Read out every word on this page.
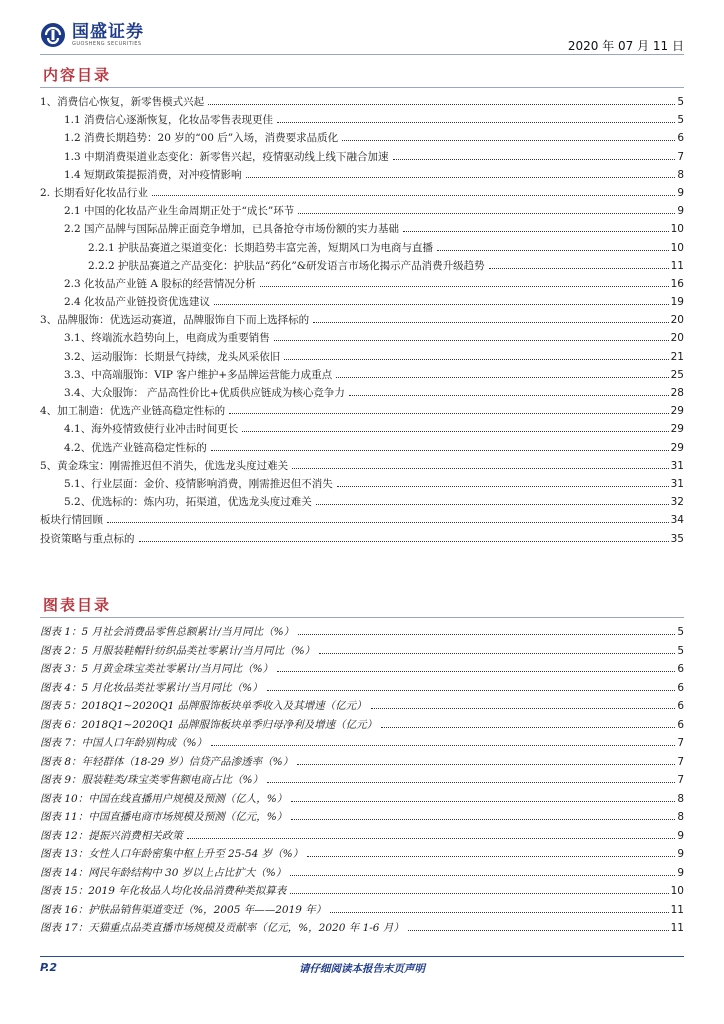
国盛证券
GUOSHENG SECURITIES	2020 年 07 月 11 日
内容目录
1、消费信心恢复，新零售模式兴起	5
1.1 消费信心逐渐恢复，化妆品零售表现更佳	5
1.2 消费长期趋势：20 岁的“00 后”入场，消费要求品质化	6
1.3 中期消费渠道业态变化：新零售兴起，疫情驱动线上线下融合加速	7
1.4 短期政策提振消费，对冲疫情影响	8
2. 长期看好化妆品行业	9
2.1 中国的化妆品产业生命周期正处于“成长”环节	9
2.2 国产品牌与国际品牌正面竞争增加，已具备抢夺市场份额的实力基础	10
2.2.1 护肤品赛道之渠道变化：长期趋势丰富完善，短期风口为电商与直播	10
2.2.2 护肤品赛道之产品变化：护肤品“药化”&研发语言市场化揭示产品消费升级趋势	11
2.3 化妆品产业链 A 股标的经营情况分析	16
2.4 化妆品产业链投资优选建议	19
3、品牌服饰：优选运动赛道，品牌服饰自下而上选择标的	20
3.1、终端流水趋势向上，电商成为重要销售	20
3.2、运动服饰：长期景气持续，龙头风采依旧	21
3.3、中高端服饰：VIP 客户维护+多品牌运营能力成重点	25
3.4、大众服饰： 产品高性价比+优质供应链成为核心竞争力	28
4、加工制造：优选产业链高稳定性标的	29
4.1、海外疫情致使行业冲击时间更长	29
4.2、优选产业链高稳定性标的	29
5、黄金珠宝：刚需推迟但不消失，优选龙头度过难关	31
5.1、行业层面：金价、疫情影响消费，刚需推迟但不消失	31
5.2、优选标的：炼内功，拓渠道，优选龙头度过难关	32
板块行情回顾	34
投资策略与重点标的	35
图表目录
图表 1：5 月社会消费品零售总额累计/当月同比（%）	5
图表 2：5 月服装鞋帽针纺织品类社零累计/当月同比（%）	5
图表 3：5 月黄金珠宝类社零累计/当月同比（%）	6
图表 4：5 月化妆品类社零累计/当月同比（%）	6
图表 5：2018Q1~2020Q1 品牌服饰板块单季收入及其增速（亿元）	6
图表 6：2018Q1~2020Q1 品牌服饰板块单季归母净利及增速（亿元）	6
图表 7：中国人口年龄别构成（%）	7
图表 8：年轻群体（18-29 岁）信贷产品渗透率（%）	7
图表 9：服装鞋类/珠宝类零售额电商占比（%）	7
图表 10：中国在线直播用户规模及预测（亿人，%）	8
图表 11：中国直播电商市场规模及预测（亿元，%）	8
图表 12：提振兴消费相关政策	9
图表 13：女性人口年龄密集中枢上升至 25-54 岁（%）	9
图表 14：网民年龄结构中 30 岁以上占比扩大（%）	9
图表 15：2019 年化妆品人均化妆品消费种类拟算表	10
图表 16：护肤品销售渠道变迁（%，2005 年——2019 年）	11
图表 17：天猫重点品类直播市场规模及贡献率（亿元，%，2020 年 1-6 月）	11
P.2	请仔细阅读本报告末页声明
